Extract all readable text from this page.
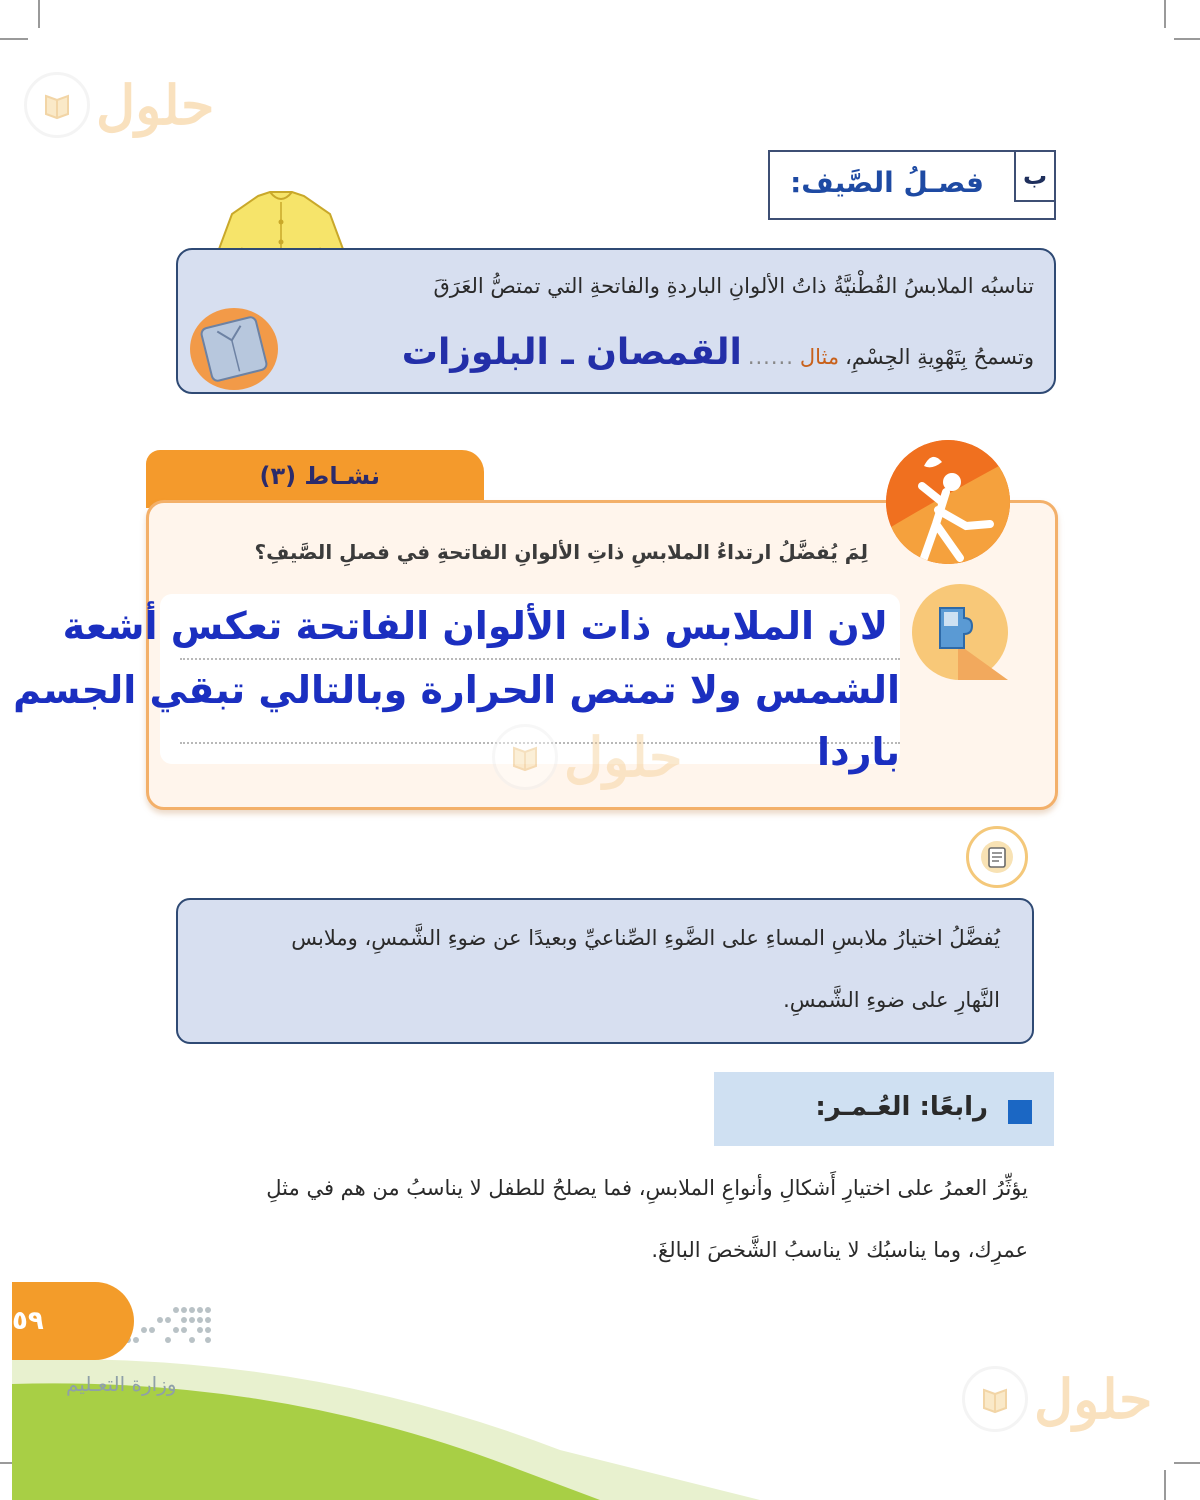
حلول
ب
فصـلُ الصَّيف:
تناسبُه الملابسُ القُطْنيَّةُ ذاتُ الألوانِ الباردةِ والفاتحةِ التي تمتصُّ العَرَقَ
وتسمحُ بِتَهْوِيةِ الجِسْمِ،
مثال
......
القمصان ـ البلوزات
نشـاط (٣)
لِمَ يُفضَّلُ ارتداءُ الملابسِ ذاتِ الألوانِ الفاتحةِ في فصلِ الصَّيفِ؟
لان الملابس ذات الألوان الفاتحة تعكس أشعة
الشمس ولا تمتص الحرارة وبالتالي تبقي الجسم
باردا
حلول

يُفضَّلُ اختيارُ ملابسِ المساءِ على الضَّوءِ الصِّناعيِّ وبعيدًا عن ضوءِ الشَّمسِ، وملابس

النَّهارِ على ضوءِ الشَّمسِ.

رابعًا: العُـمـر:
يؤثِّرُ العمرُ على اختيارِ أَشكالِ وأنواعِ الملابسِ، فما يصلحُ للطفل لا يناسبُ من هم في مثلِ
عمرِك، وما يناسبُك لا يناسبُ الشَّخصَ البالغَ.
٥٩
وزارة التعـليم	حلول
